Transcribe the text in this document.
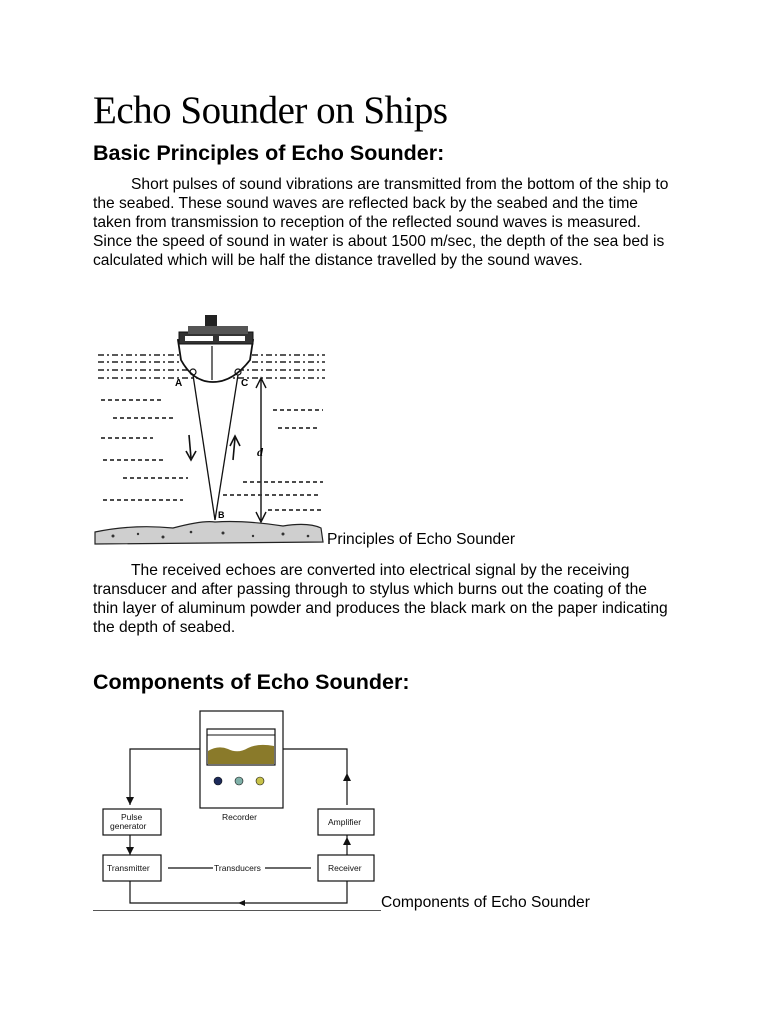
Echo Sounder on Ships
Basic Principles of Echo Sounder:

Short pulses of sound vibrations are transmitted from the bottom of the ship to the seabed. These sound waves are reflected back by the seabed and the time taken from transmission to reception of the reflected sound waves is measured. Since the speed of sound in water is about 1500 m/sec, the depth of the sea bed is calculated which will be half the distance travelled by the sound waves.

A	C
d
B
Principles of Echo Sounder

The received echoes are converted into electrical signal by the receiving transducer and after passing through to stylus which burns out the coating of the thin layer of aluminum powder and produces the black mark on the paper indicating the depth of seabed.

Components of Echo Sounder:
Recorder
Pulse
generator	Amplifier
Transmitter	Transducers	Receiver
Components of Echo Sounder
